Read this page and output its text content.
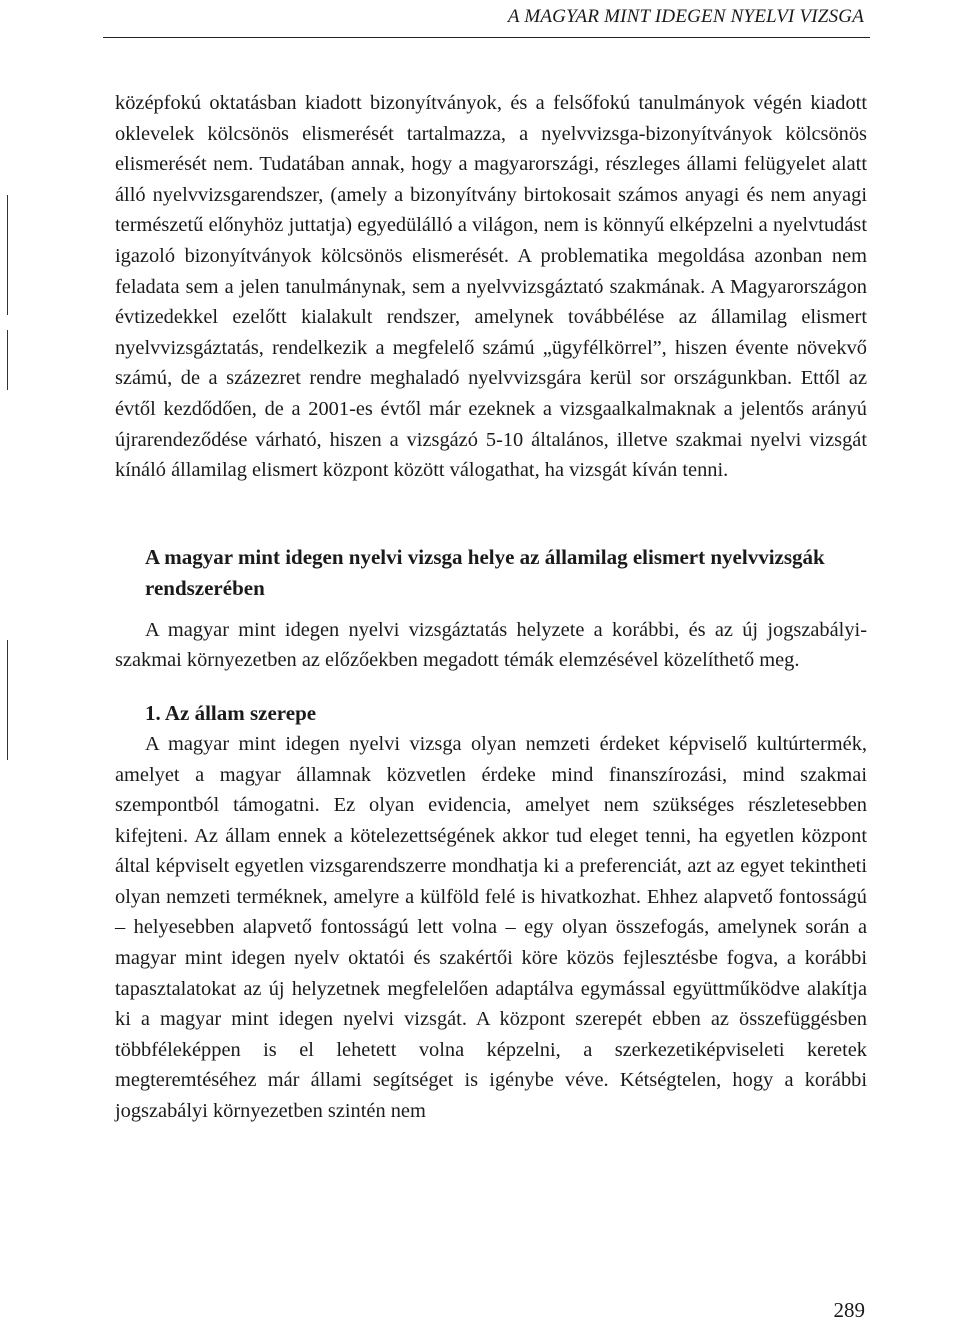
A MAGYAR MINT IDEGEN NYELVI VIZSGA

középfokú oktatásban kiadott bizonyítványok, és a felsőfokú tanulmányok végén kiadott oklevelek kölcsönös elismerését tartalmazza, a nyelvvizsga-bizonyítványok kölcsönös elismerését nem. Tudatában annak, hogy a magyarországi, részleges állami felügyelet alatt álló nyelvvizsgarendszer, (amely a bizonyítvány birtokosait számos anyagi és nem anyagi természetű előnyhöz juttatja) egyedülálló a világon, nem is könnyű elképzelni a nyelvtudást igazoló bizonyítványok kölcsönös elismerését. A problematika megoldása azonban nem feladata sem a jelen tanulmánynak, sem a nyelvvizsgáztató szakmának. A Magyarországon évtizedekkel ezelőtt kialakult rendszer, amelynek továbbélése az államilag elismert nyelvvizsgáztatás, rendelkezik a megfelelő számú „ügyfélkörrel”, hiszen évente növekvő számú, de a százezret rendre meghaladó nyelvvizsgára kerül sor országunkban. Ettől az évtől kezdődően, de a 2001-es évtől már ezeknek a vizsgaalkalmaknak a jelentős arányú újrarendeződése várható, hiszen a vizsgázó 5-10 általános, illetve szakmai nyelvi vizsgát kínáló államilag elismert központ között válogathat, ha vizsgát kíván tenni.

A magyar mint idegen nyelvi vizsga helye az államilag elismert nyelvvizsgák rendszerében

A magyar mint idegen nyelvi vizsgáztatás helyzete a korábbi, és az új jogszabályi-szakmai környezetben az előzőekben megadott témák elemzésével közelíthető meg.

1. Az állam szerepe

A magyar mint idegen nyelvi vizsga olyan nemzeti érdeket képviselő kultúrtermék, amelyet a magyar államnak közvetlen érdeke mind finanszírozási, mind szakmai szempontból támogatni. Ez olyan evidencia, amelyet nem szükséges részletesebben kifejteni. Az állam ennek a kötelezettségének akkor tud eleget tenni, ha egyetlen központ által képviselt egyetlen vizsgarendszerre mondhatja ki a preferenciát, azt az egyet tekintheti olyan nemzeti terméknek, amelyre a külföld felé is hivatkozhat. Ehhez alapvető fontosságú – helyesebben alapvető fontosságú lett volna – egy olyan összefogás, amelynek során a magyar mint idegen nyelv oktatói és szakértői köre közös fejlesztésbe fogva, a korábbi tapasztalatokat az új helyzetnek megfelelően adaptálva egymással együttműködve alakítja ki a magyar mint idegen nyelvi vizsgát. A központ szerepét ebben az összefüggésben többféleképpen is el lehetett volna képzelni, a szerkezetiképviseleti keretek megteremtéséhez már állami segítséget is igénybe véve. Kétségtelen, hogy a korábbi jogszabályi környezetben szintén nem

289
